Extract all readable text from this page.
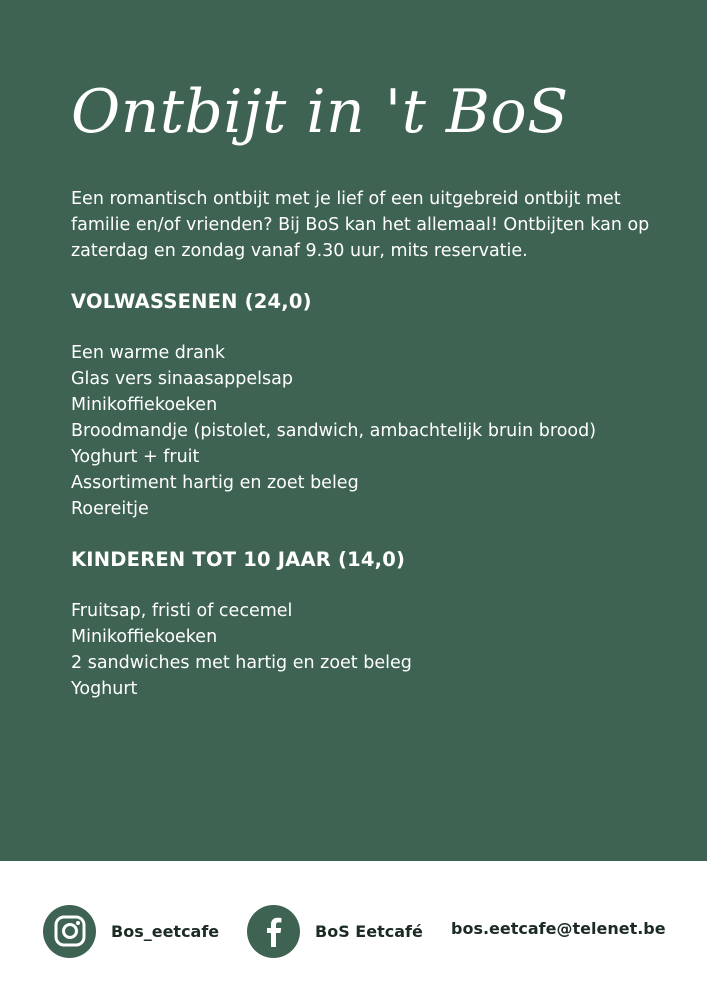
Ontbijt in 't BoS

Een romantisch ontbijt met je lief of een uitgebreid ontbijt met familie en/of vrienden? Bij BoS kan het allemaal! Ontbijten kan op zaterdag en zondag vanaf 9.30 uur, mits reservatie.

VOLWASSENEN (24,0)
Een warme drank
Glas vers sinaasappelsap
Minikoffiekoeken
Broodmandje (pistolet, sandwich, ambachtelijk bruin brood)
Yoghurt + fruit
Assortiment hartig en zoet beleg
Roereitje
KINDEREN TOT 10 JAAR (14,0)
Fruitsap, fristi of cecemel
Minikoffiekoeken
2 sandwiches met hartig en zoet beleg
Yoghurt
Bos_eetcafe	BoS Eetcafé bos.eetcafe@telenet.be
